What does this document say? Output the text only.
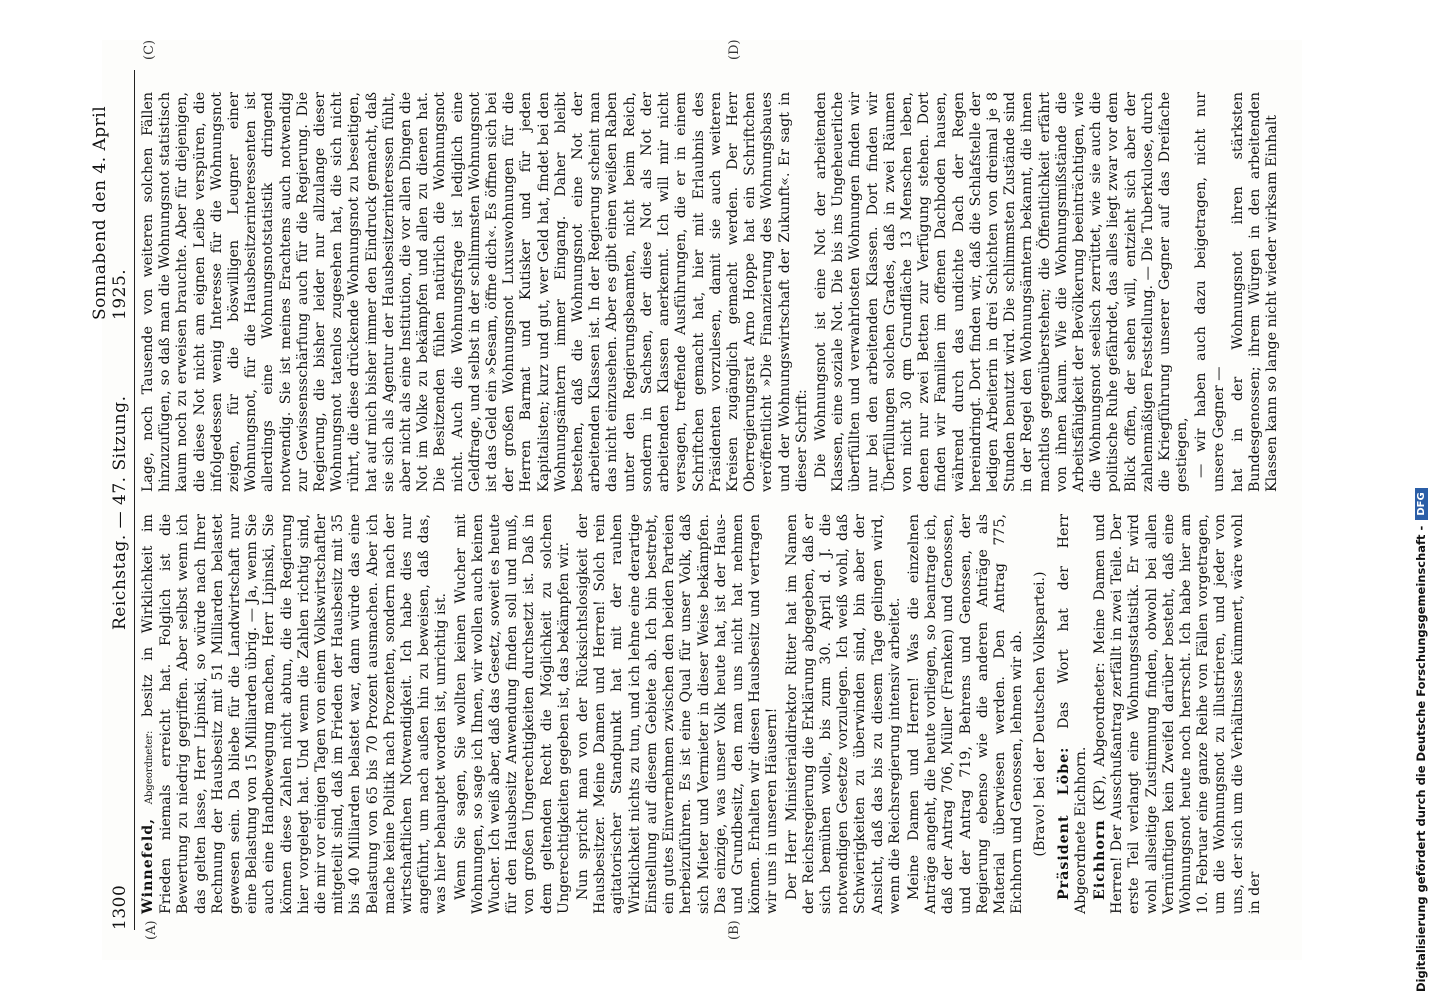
1300
Reichstag. — 47. Sitzung.
Sonnabend den 4. April 1925.
(A)	(B)
(C)	(D)

Winnefeld, Abgeordneter: besitz in Wirklichkeit im Frieden niemals erreicht hat. Folglich ist die Bewertung zu niedrig gegriffen. Aber selbst wenn ich das gelten lasse, Herr Lipinski, so würde nach Ihrer Rechnung der Hausbesitz mit 51 Milliarden belastet gewesen sein. Da bliebe für die Landwirtschaft nur eine Belastung von 15 Milliarden übrig. — Ja, wenn Sie auch eine Handbewegung machen, Herr Lipinski, Sie können diese Zahlen nicht abtun, die die Regierung hier vorgelegt hat. Und wenn die Zahlen richtig sind, die mir vor einigen Tagen von einem Volkswirtschaftler mitgeteilt sind, daß im Frieden der Hausbesitz mit 35 bis 40 Milliarden belastet war, dann würde das eine Belastung von 65 bis 70 Prozent ausmachen. Aber ich mache keine Politik nach Prozenten, sondern nach der wirtschaftlichen Notwendigkeit. Ich habe dies nur angeführt, um nach außen hin zu beweisen, daß das, was hier behauptet worden ist, unrichtig ist. Wenn Sie sagen, Sie wollten keinen Wucher mit Wohnungen, so sage ich Ihnen, wir wollen auch keinen Wucher. Ich weiß aber, daß das Gesetz, soweit es heute für den Hausbesitz Anwendung finden soll und muß, von großen Ungerechtigkeiten durchsetzt ist. Daß in dem geltenden Recht die Möglichkeit zu solchen Ungerechtigkeiten gegeben ist, das bekämpfen wir. Nun spricht man von der Rücksichtslosigkeit der Hausbesitzer. Meine Damen und Herren! Solch rein agitatorischer Standpunkt hat mit der rauhen Wirklichkeit nichts zu tun, und ich lehne eine derartige Einstellung auf diesem Gebiete ab. Ich bin bestrebt, ein gutes Einvernehmen zwischen den beiden Parteien herbeizuführen. Es ist eine Qual für unser Volk, daß sich Mieter und Vermieter in dieser Weise bekämpfen. Das einzige, was unser Volk heute hat, ist der Haus- und Grundbesitz, den man uns nicht hat nehmen können. Erhalten wir diesen Hausbesitz und vertragen wir uns in unseren Häusern! Der Herr Ministerialdirektor Ritter hat im Namen der Reichsregierung die Erklärung abgegeben, daß er sich bemühen wolle, bis zum 30. April d. J. die notwendigen Gesetze vorzulegen. Ich weiß wohl, daß Schwierigkeiten zu überwinden sind, bin aber der Ansicht, daß das bis zu diesem Tage gelingen wird, wenn die Reichsregierung intensiv arbeitet. Meine Damen und Herren! Was die einzelnen Anträge angeht, die heute vorliegen, so beantrage ich, daß der Antrag 706, Müller (Franken) und Genossen, und der Antrag 719, Behrens und Genossen, der Regierung ebenso wie die anderen Anträge als Material überwiesen werden. Den Antrag 775, Eichhorn und Genossen, lehnen wir ab. (Bravo! bei der Deutschen Volkspartei.) Präsident Löbe: Das Wort hat der Herr Abgeordnete Eichhorn. Eichhorn (KP), Abgeordneter: Meine Damen und Herren! Der Ausschußantrag zerfällt in zwei Teile. Der erste Teil verlangt eine Wohnungsstatistik. Er wird wohl allseitige Zustimmung finden, obwohl bei allen Vernünftigen kein Zweifel darüber besteht, daß eine Wohnungsnot heute noch herrscht. Ich habe hier am 10. Februar eine ganze Reihe von Fällen vorgetragen, um die Wohnungsnot zu illustrieren, und jeder von uns, der sich um die Verhältnisse kümmert, wäre wohl in der

Lage, noch Tausende von weiteren solchen Fällen hinzuzufügen, so daß man die Wohnungsnot statistisch kaum noch zu erweisen brauchte. Aber für diejenigen, die diese Not nicht am eignen Leibe verspüren, die infolgedessen wenig Interesse für die Wohnungsnot zeigen, für die böswilligen Leugner einer Wohnungsnot, für die Hausbesitzerinteressenten ist allerdings eine Wohnungsnotstatistik dringend notwendig. Sie ist meines Erachtens auch notwendig zur Gewissensschärfung auch für die Regierung. Die Regierung, die bisher leider nur allzulange dieser Wohnungsnot tatenlos zugesehen hat, die sich nicht rührt, die diese drückende Wohnungsnot zu beseitigen, hat auf mich bisher immer den Eindruck gemacht, daß sie sich als Agentur der Hausbesitzerinteressen fühlt, aber nicht als eine Institution, die vor allen Dingen die Not im Volke zu bekämpfen und allen zu dienen hat. Die Besitzenden fühlen natürlich die Wohnungsnot nicht. Auch die Wohnungsfrage ist lediglich eine Geldfrage, und selbst in der schlimmsten Wohnungsnot ist das Geld ein »Sesam, öffne dich«. Es öffnen sich bei der großen Wohnungsnot Luxuswohnungen für die Herren Barmat und Kutisker und für jeden Kapitalisten; kurz und gut, wer Geld hat, findet bei den Wohnungsämtern immer Eingang. Daher bleibt bestehen, daß die Wohnungsnot eine Not der arbeitenden Klassen ist. In der Regierung scheint man das nicht einzusehen. Aber es gibt einen weißen Raben unter den Regierungsbeamten, nicht beim Reich, sondern in Sachsen, der diese Not als Not der arbeitenden Klassen anerkennt. Ich will mir nicht versagen, treffende Ausführungen, die er in einem Schriftchen gemacht hat, hier mit Erlaubnis des Präsidenten vorzulesen, damit sie auch weiteren Kreisen zugänglich gemacht werden. Der Herr Oberregierungsrat Arno Hoppe hat ein Schriftchen veröffentlicht »Die Finanzierung des Wohnungsbaues und der Wohnungswirtschaft der Zukunft«. Er sagt in dieser Schrift: Die Wohnungsnot ist eine Not der arbeitenden Klassen, eine soziale Not. Die bis ins Ungeheuerliche überfüllten und verwahrlosten Wohnungen finden wir nur bei den arbeitenden Klassen. Dort finden wir Überfüllungen solchen Grades, daß in zwei Räumen von nicht 30 qm Grundfläche 13 Menschen leben, denen nur zwei Betten zur Verfügung stehen. Dort finden wir Familien im offenen Dachboden hausen, während durch das undichte Dach der Regen hereindringt. Dort finden wir, daß die Schlafstelle der ledigen Arbeiterin in drei Schichten von dreimal je 8 Stunden benutzt wird. Die schlimmsten Zustände sind in der Regel den Wohnungsämtern bekannt, die ihnen machtlos gegenüberstehen; die Öffentlichkeit erfährt von ihnen kaum. Wie die Wohnungsmißstände die Arbeitsfähigkeit der Bevölkerung beeinträchtigen, wie die Wohnungsnot seelisch zerrüttet, wie sie auch die politische Ruhe gefährdet, das alles liegt zwar vor dem Blick offen, der sehen will, entzieht sich aber der zahlenmäßigen Feststellung. — Die Tuberkulose, durch die Kriegführung unserer Gegner auf das Dreifache gestiegen, — wir haben auch dazu beigetragen, nicht nur unsere Gegner — hat in der Wohnungsnot ihren stärksten Bundesgenossen; ihrem Würgen in den arbeitenden Klassen kann so lange nicht wieder wirksam Einhalt

Digitalisierung gefördert durch die Deutsche Forschungsgemeinschaft -
DFG
